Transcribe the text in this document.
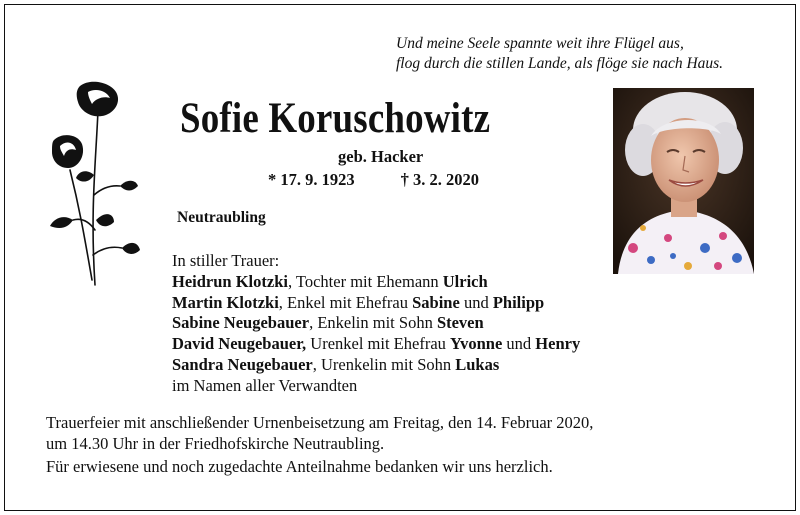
Und meine Seele spannte weit ihre Flügel aus,
flog durch die stillen Lande, als flöge sie nach Haus.
Sofie Koruschowitz
geb. Hacker
* 17. 9. 1923	† 3. 2. 2020
Neutraubling
In stiller Trauer:
Heidrun Klotzki, Tochter mit Ehemann Ulrich
Martin Klotzki, Enkel mit Ehefrau Sabine und Philipp
Sabine Neugebauer, Enkelin mit Sohn Steven
David Neugebauer, Urenkel mit Ehefrau Yvonne und Henry
Sandra Neugebauer, Urenkelin mit Sohn Lukas
im Namen aller Verwandten
Trauerfeier mit anschließender Urnenbeisetzung am Freitag, den 14. Februar 2020,
um 14.30 Uhr in der Friedhofskirche Neutraubling.
Für erwiesene und noch zugedachte Anteilnahme bedanken wir uns herzlich.
